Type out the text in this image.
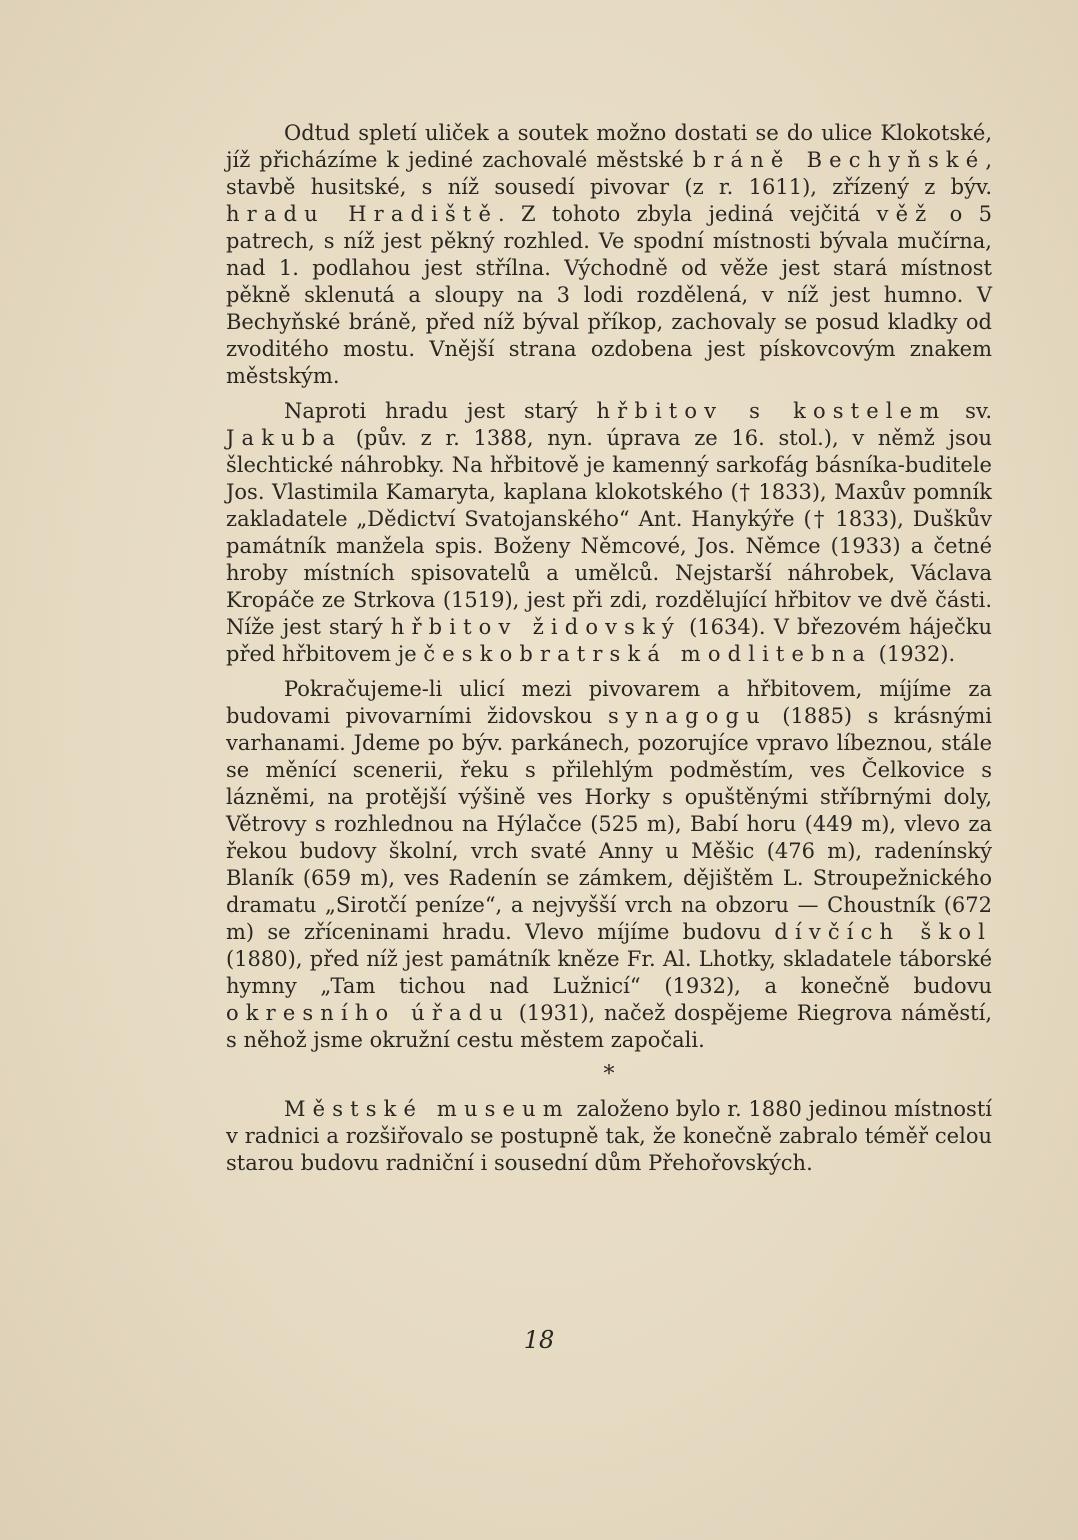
Odtud spletí uliček a soutek možno dostati se do ulice Klokotské, jíž přicházíme k jediné zachovalé městské bráně Bechyňské, stavbě husitské, s níž sousedí pivovar (z r. 1611), zřízený z býv. hradu Hradiště. Z tohoto zbyla jediná vejčitá věž o 5 patrech, s níž jest pěkný rozhled. Ve spodní místnosti bývala mučírna, nad 1. podlahou jest střílna. Východně od věže jest stará místnost pěkně sklenutá a sloupy na 3 lodi rozdělená, v níž jest humno. V Bechyňské bráně, před níž býval příkop, zachovaly se posud kladky od zvoditého mostu. Vnější strana ozdobena jest pískovcovým znakem městským.

Naproti hradu jest starý hřbitov s kostelem sv. Jakuba (pův. z r. 1388, nyn. úprava ze 16. stol.), v němž jsou šlechtické náhrobky. Na hřbitově je kamenný sarkofág básníka-buditele Jos. Vlastimila Kamaryta, kaplana klokotského († 1833), Maxův pomník zakladatele „Dědictví Svatojanského“ Ant. Hanykýře († 1833), Duškův památník manžela spis. Boženy Němcové, Jos. Němce (1933) a četné hroby místních spisovatelů a umělců. Nejstarší náhrobek, Václava Kropáče ze Strkova (1519), jest při zdi, rozdělující hřbitov ve dvě části. Níže jest starý hřbitov židovský (1634). V březovém háječku před hřbitovem je českobratrská modlitebna (1932).

Pokračujeme-li ulicí mezi pivovarem a hřbitovem, míjíme za budovami pivovarními židovskou synagogu (1885) s krásnými varhanami. Jdeme po býv. parkánech, pozorujíce vpravo líbeznou, stále se měnící scenerii, řeku s přilehlým podměstím, ves Čelkovice s lázněmi, na protější výšině ves Horky s opuštěnými stříbrnými doly, Větrovy s rozhlednou na Hýlačce (525 m), Babí horu (449 m), vlevo za řekou budovy školní, vrch svaté Anny u Měšic (476 m), radenínský Blaník (659 m), ves Radenín se zámkem, dějištěm L. Stroupežnického dramatu „Sirotčí peníze“, a nejvyšší vrch na obzoru — Choustník (672 m) se zříceninami hradu. Vlevo míjíme budovu dívčích škol (1880), před níž jest památník kněze Fr. Al. Lhotky, skladatele táborské hymny „Tam tichou nad Lužnicí“ (1932), a konečně budovu okresního úřadu (1931), načež dospějeme Riegrova náměstí, s něhož jsme okružní cestu městem započali.

*

Městské museum založeno bylo r. 1880 jedinou místností v radnici a rozšiřovalo se postupně tak, že konečně zabralo téměř celou starou budovu radniční i sousední dům Přehořovských.

18
